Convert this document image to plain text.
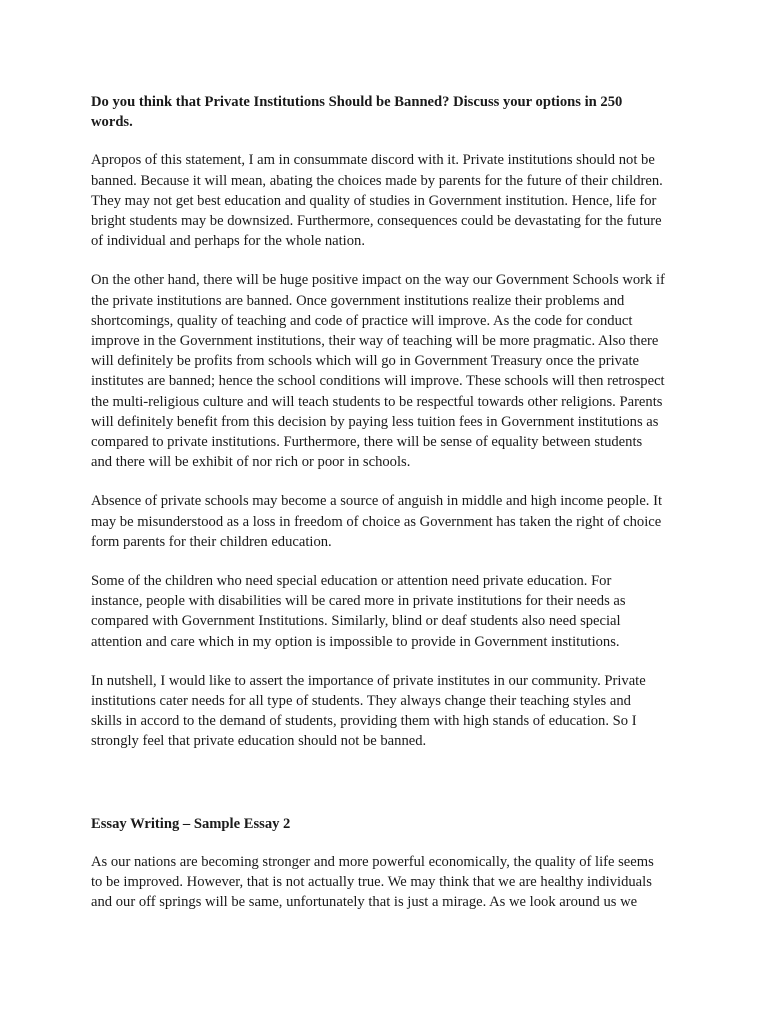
Do you think that Private Institutions Should be Banned? Discuss your options in 250 words.

Apropos of this statement, I am in consummate discord with it. Private institutions should not be banned. Because it will mean, abating the choices made by parents for the future of their children. They may not get best education and quality of studies in Government institution. Hence, life for bright students may be downsized. Furthermore, consequences could be devastating for the future of individual and perhaps for the whole nation.

On the other hand, there will be huge positive impact on the way our Government Schools work if the private institutions are banned. Once government institutions realize their problems and shortcomings, quality of teaching and code of practice will improve. As the code for conduct improve in the Government institutions, their way of teaching will be more pragmatic. Also there will definitely be profits from schools which will go in Government Treasury once the private institutes are banned; hence the school conditions will improve. These schools will then retrospect the multi-religious culture and will teach students to be respectful towards other religions. Parents will definitely benefit from this decision by paying less tuition fees in Government institutions as compared to private institutions. Furthermore, there will be sense of equality between students and there will be exhibit of nor rich or poor in schools.

Absence of private schools may become a source of anguish in middle and high income people. It may be misunderstood as a loss in freedom of choice as Government has taken the right of choice form parents for their children education.

Some of the children who need special education or attention need private education. For instance, people with disabilities will be cared more in private institutions for their needs as compared with Government Institutions. Similarly, blind or deaf students also need special attention and care which in my option is impossible to provide in Government institutions.

In nutshell, I would like to assert the importance of private institutes in our community. Private institutions cater needs for all type of students. They always change their teaching styles and skills in accord to the demand of students, providing them with high stands of education. So I strongly feel that private education should not be banned.

Essay Writing – Sample Essay 2

As our nations are becoming stronger and more powerful economically, the quality of life seems to be improved. However, that is not actually true. We may think that we are healthy individuals and our off springs will be same, unfortunately that is just a mirage. As we look around us we
